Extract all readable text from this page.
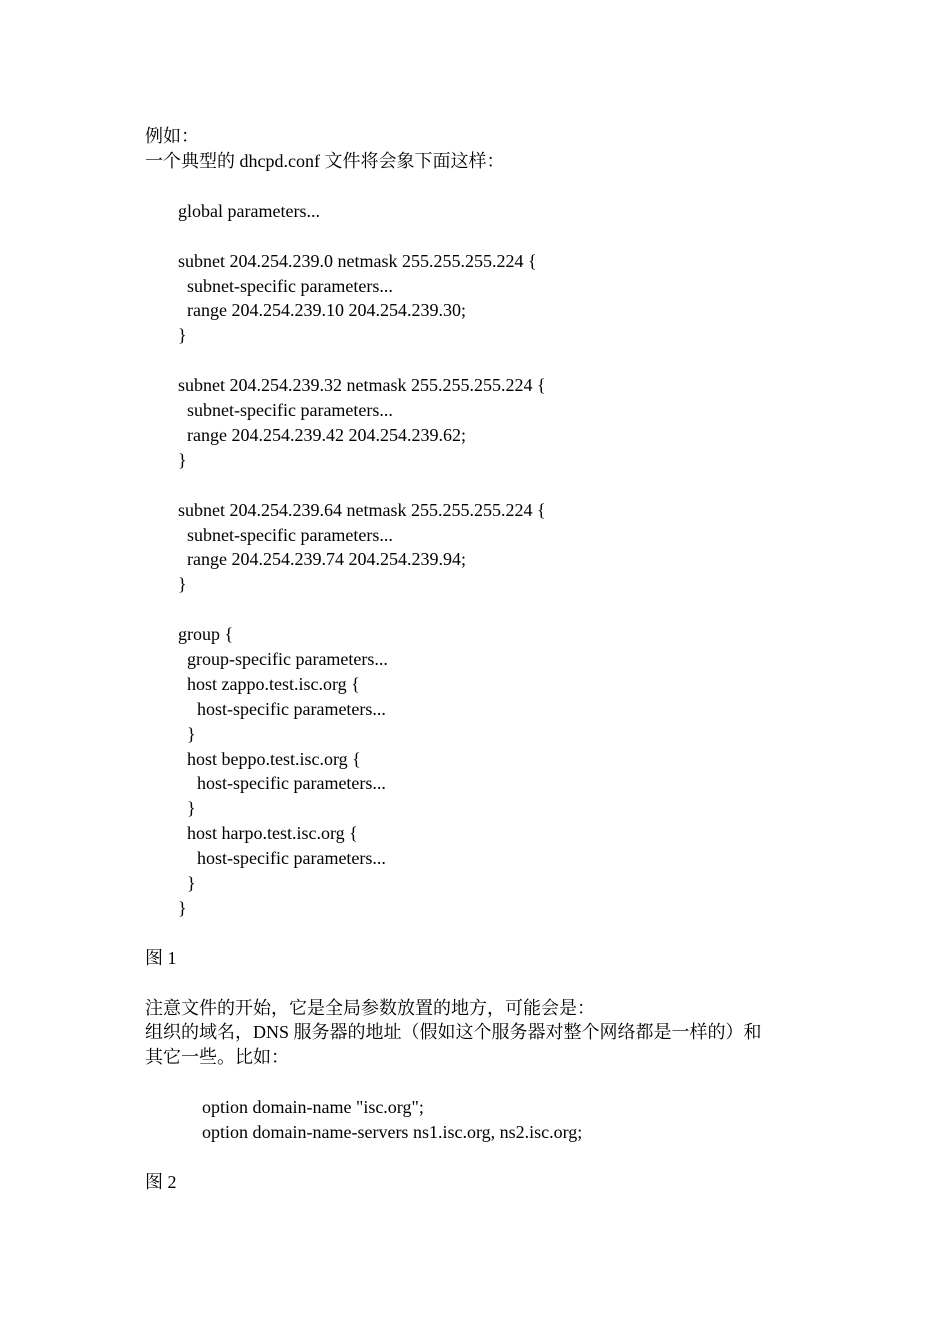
例如：

一个典型的 dhcpd.conf 文件将会象下面这样：

global parameters...

subnet 204.254.239.0 netmask 255.255.255.224 {

subnet-specific parameters...

range 204.254.239.10 204.254.239.30;

}

subnet 204.254.239.32 netmask 255.255.255.224 {

subnet-specific parameters...

range 204.254.239.42 204.254.239.62;

}

subnet 204.254.239.64 netmask 255.255.255.224 {

subnet-specific parameters...

range 204.254.239.74 204.254.239.94;

}

group {

group-specific parameters...

host zappo.test.isc.org {

host-specific parameters...

}

host beppo.test.isc.org {

host-specific parameters...

}

host harpo.test.isc.org {

host-specific parameters...

}

}

图 1

注意文件的开始，它是全局参数放置的地方，可能会是：

组织的域名，DNS 服务器的地址（假如这个服务器对整个网络都是一样的）和

其它一些。比如：

option domain-name "isc.org";

option domain-name-servers ns1.isc.org, ns2.isc.org;

图 2
